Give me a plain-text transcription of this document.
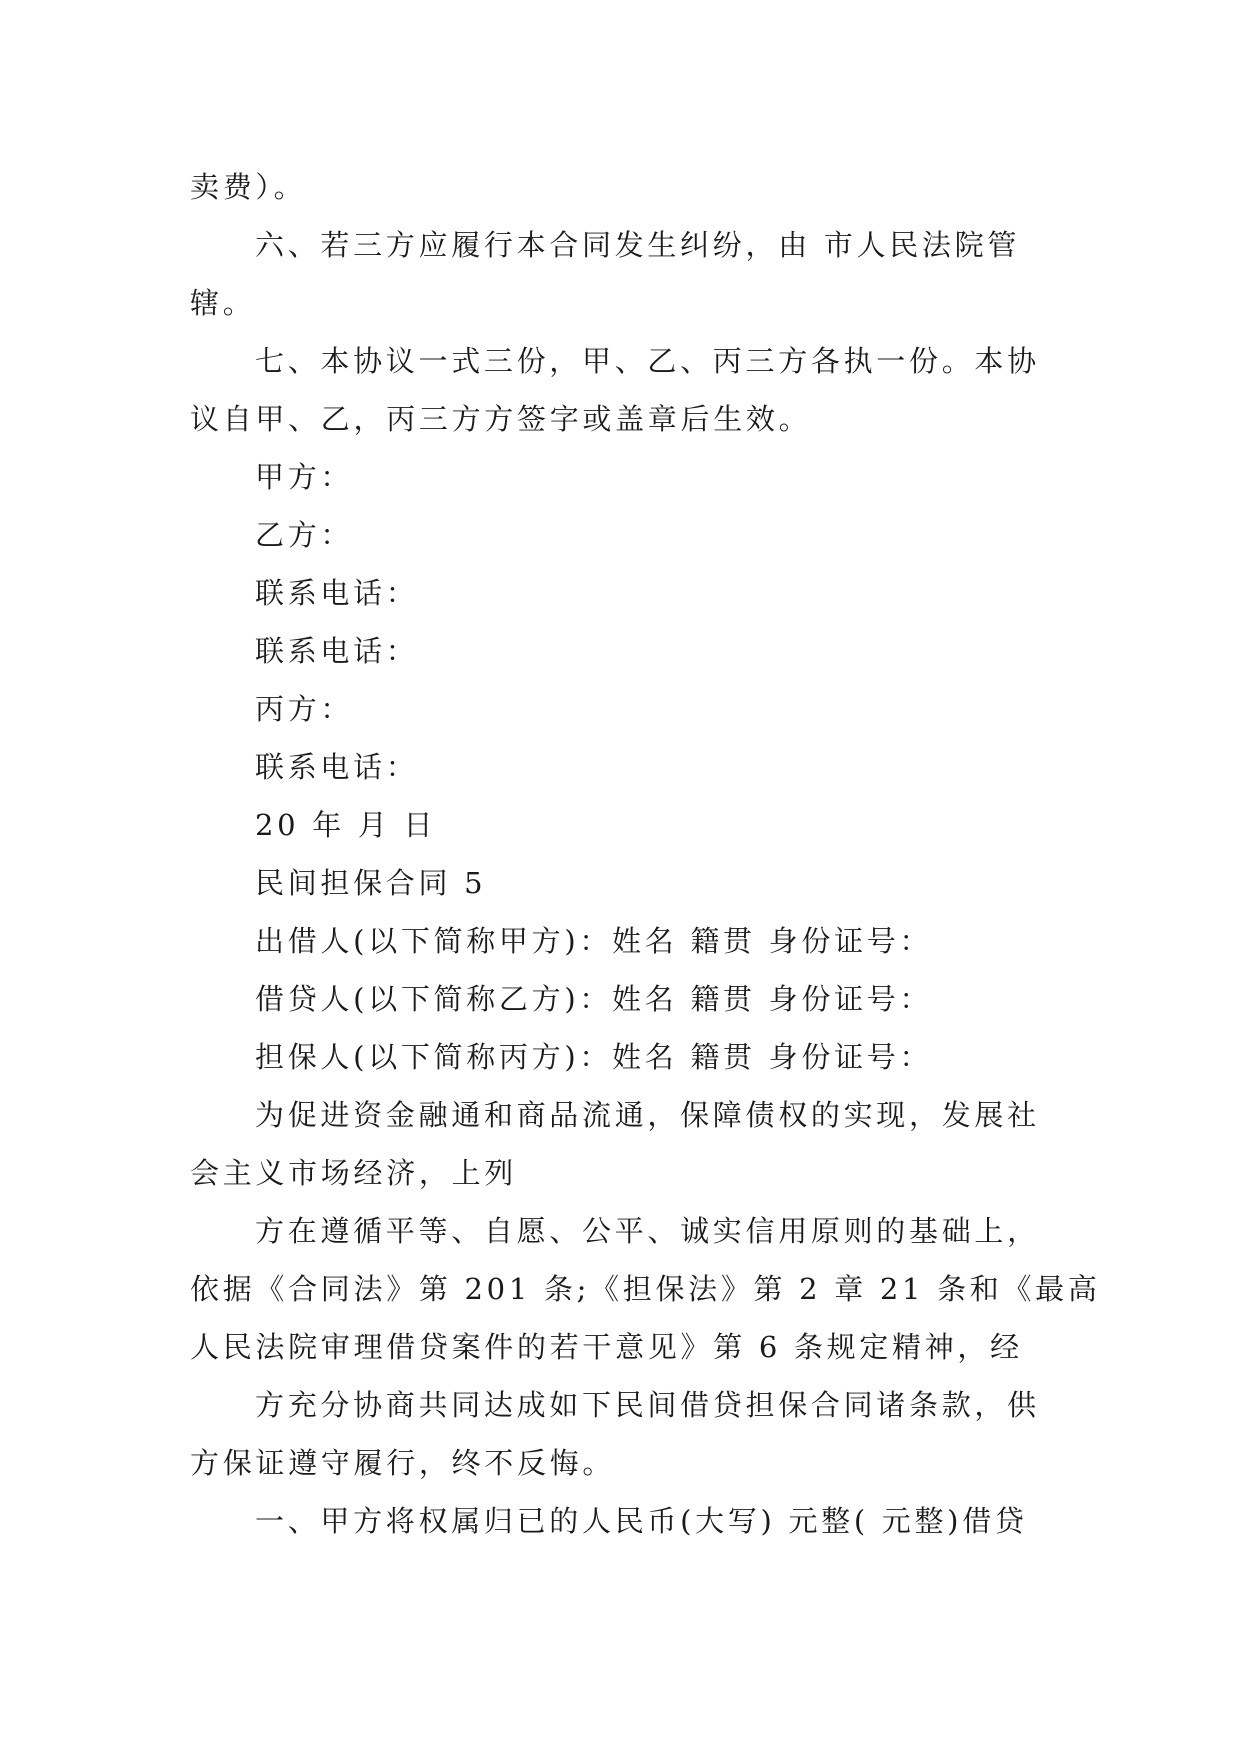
卖费）。

六、若三方应履行本合同发生纠纷，由 市人民法院管
辖。

七、本协议一式三份，甲、乙、丙三方各执一份。本协
议自甲、乙，丙三方方签字或盖章后生效。

甲方：

乙方：

联系电话：

联系电话：

丙方：

联系电话：

20 年 月 日

民间担保合同 5

出借人(以下简称甲方)：姓名 籍贯 身份证号：

借贷人(以下简称乙方)：姓名 籍贯 身份证号：

担保人(以下简称丙方)：姓名 籍贯 身份证号：

为促进资金融通和商品流通，保障债权的实现，发展社
会主义市场经济，上列

方在遵循平等、自愿、公平、诚实信用原则的基础上，
依据《合同法》第 201 条;《担保法》第 2 章 21 条和《最高
人民法院审理借贷案件的若干意见》第 6 条规定精神，经

方充分协商共同达成如下民间借贷担保合同诸条款，供
方保证遵守履行，终不反悔。

一、甲方将权属归已的人民币(大写) 元整( 元整)借贷
